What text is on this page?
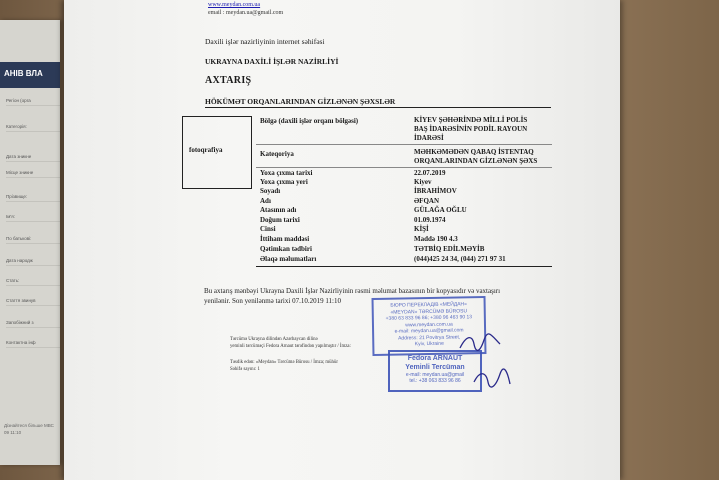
AHIB ВЛА
Регіон (орга
Категорія:
Дата зникне
Місце зникне
Прізвище:
Ім'я:
По батькові:
Дата народж
Стать:
Стаття звинув
Запобіжний з
Контактна інф
Дізнайтеся більше МВС
09 11:10
www.meydan.com.ua
email : meydan.ua@gmail.com
Daxili işlər nazirliyinin internet səhifəsi
UKRAYNA DAXİLİ İŞLƏR NAZİRLİYİ
AXTARIŞ
HÖKÜMƏT ORQANLARINDAN GİZLƏNƏN ŞƏXSLƏR
fotoqrafiya
Bölgə (daxili işlər orqanı bölgəsi)	KİYEV ŞƏHƏRİNDƏ MİLLİ POLİS
BAŞ İDARƏSİNİN PODİL RAYOUN
İDARƏSİ
Kateqoriya	MƏHKƏMƏDƏN QABAQ İSTENTAQ
ORQANLARINDAN GİZLƏNƏN ŞƏXS
Yoxa çıxma tarixi	22.07.2019
Yoxa çıxma yeri	Kiyev
Soyadı	İBRAHİMOV
Adı	ƏFQAN
Atasının adı	GÜLAĞA OĞLU
Doğum tarixi	01.09.1974
Cinsi	KİŞİ
İttiham maddəsi	Maddə 190 4.3
Qətimkan tədbiri	TƏTBİQ EDİLMƏYİB
Əlaqə məlumatları	(044)425 24 34, (044) 271 97 31
Bu axtarış mənbəyi Ukrayna Daxili İşlər Nazirliyinin rəsmi məlumat bazasının bir kopyasıdır və vaxtaşırı
yenilənir. Son yenilənmə tarixi 07.10.2019 11:10
Tərcümə Ukrayna dilindən Azərbaycan dilinə
yeminli tərcüməçi Fedora Arnaut tərəfindən yapılmıştır / İmza:
Təsdik edən: «Meydan» Tərcümə Bürosu / İmza; mühür
Səhifə sayını: 1
БЮРО ПЕРЕКЛАДІВ «МЕЙДАН»
«MEYDAN» TƏRCÜMƏ BÜROSU
+380 63 833 96 86; +380 96 463 90 13
www.meydan.com.ua
e-mail: meydan.ua@gmail.com
Address: 21 Povitrya Street,
Kyiv, Ukraine
Fedora ARNAUT
Yeminli Tercüman
e-mail: meydan.ua@gmail
tel.: +38 063 833 96 86
